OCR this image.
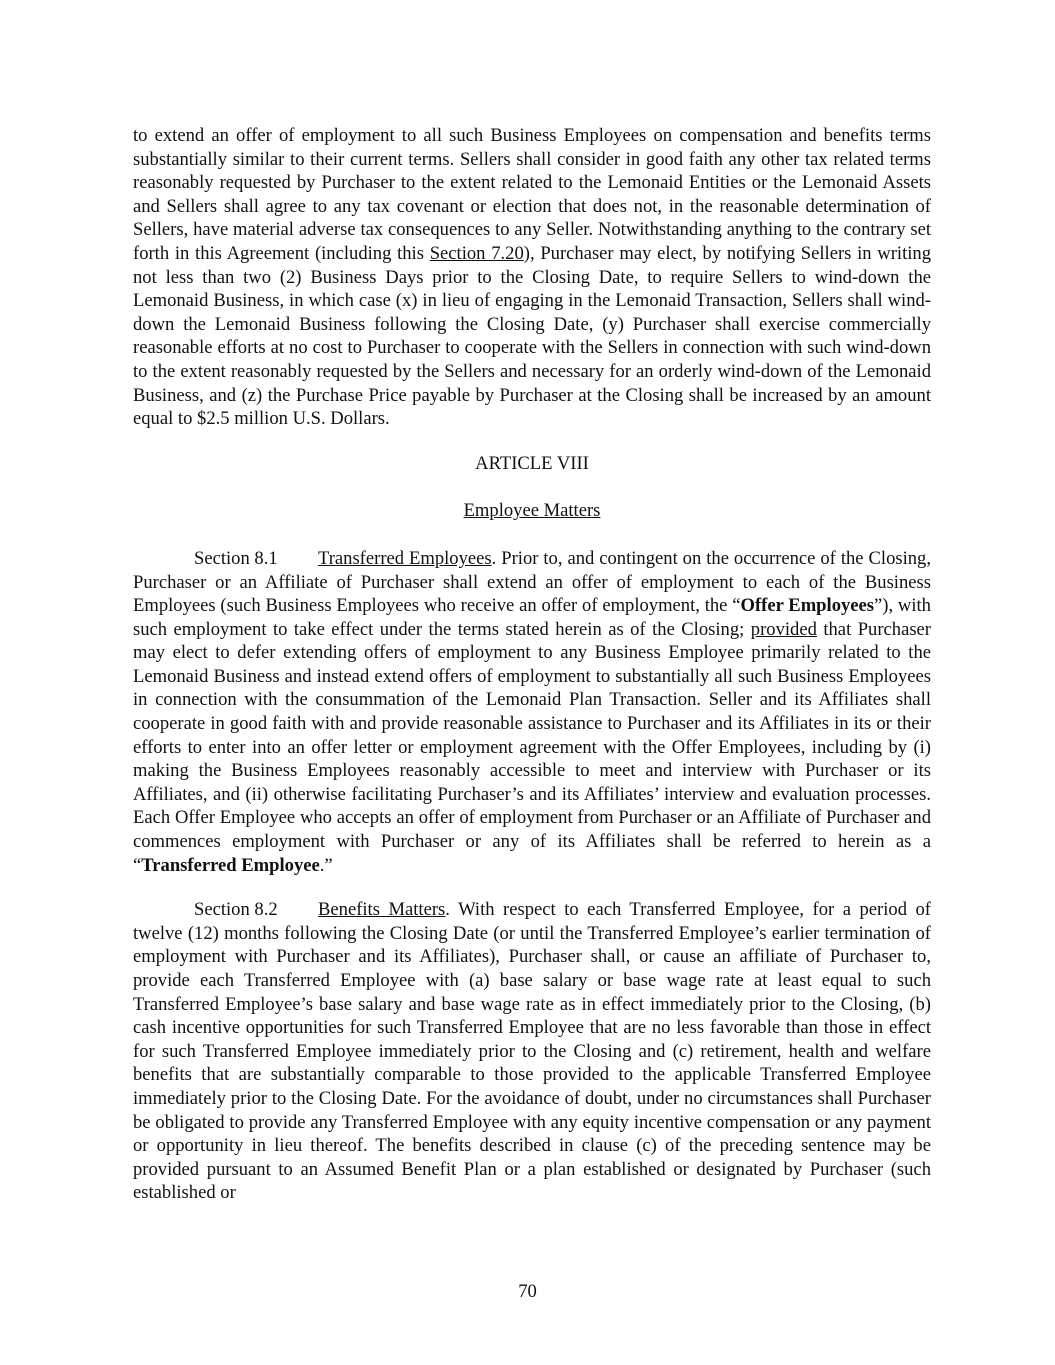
to extend an offer of employment to all such Business Employees on compensation and benefits terms substantially similar to their current terms. Sellers shall consider in good faith any other tax related terms reasonably requested by Purchaser to the extent related to the Lemonaid Entities or the Lemonaid Assets and Sellers shall agree to any tax covenant or election that does not, in the reasonable determination of Sellers, have material adverse tax consequences to any Seller. Notwithstanding anything to the contrary set forth in this Agreement (including this Section 7.20), Purchaser may elect, by notifying Sellers in writing not less than two (2) Business Days prior to the Closing Date, to require Sellers to wind-down the Lemonaid Business, in which case (x) in lieu of engaging in the Lemonaid Transaction, Sellers shall wind-down the Lemonaid Business following the Closing Date, (y) Purchaser shall exercise commercially reasonable efforts at no cost to Purchaser to cooperate with the Sellers in connection with such wind-down to the extent reasonably requested by the Sellers and necessary for an orderly wind-down of the Lemonaid Business, and (z) the Purchase Price payable by Purchaser at the Closing shall be increased by an amount equal to $2.5 million U.S. Dollars.

ARTICLE VIII

Employee Matters

Section 8.1 Transferred Employees. Prior to, and contingent on the occurrence of the Closing, Purchaser or an Affiliate of Purchaser shall extend an offer of employment to each of the Business Employees (such Business Employees who receive an offer of employment, the “Offer Employees”), with such employment to take effect under the terms stated herein as of the Closing; provided that Purchaser may elect to defer extending offers of employment to any Business Employee primarily related to the Lemonaid Business and instead extend offers of employment to substantially all such Business Employees in connection with the consummation of the Lemonaid Plan Transaction. Seller and its Affiliates shall cooperate in good faith with and provide reasonable assistance to Purchaser and its Affiliates in its or their efforts to enter into an offer letter or employment agreement with the Offer Employees, including by (i) making the Business Employees reasonably accessible to meet and interview with Purchaser or its Affiliates, and (ii) otherwise facilitating Purchaser’s and its Affiliates’ interview and evaluation processes. Each Offer Employee who accepts an offer of employment from Purchaser or an Affiliate of Purchaser and commences employment with Purchaser or any of its Affiliates shall be referred to herein as a “Transferred Employee.”

Section 8.2 Benefits Matters. With respect to each Transferred Employee, for a period of twelve (12) months following the Closing Date (or until the Transferred Employee’s earlier termination of employment with Purchaser and its Affiliates), Purchaser shall, or cause an affiliate of Purchaser to, provide each Transferred Employee with (a) base salary or base wage rate at least equal to such Transferred Employee’s base salary and base wage rate as in effect immediately prior to the Closing, (b) cash incentive opportunities for such Transferred Employee that are no less favorable than those in effect for such Transferred Employee immediately prior to the Closing and (c) retirement, health and welfare benefits that are substantially comparable to those provided to the applicable Transferred Employee immediately prior to the Closing Date. For the avoidance of doubt, under no circumstances shall Purchaser be obligated to provide any Transferred Employee with any equity incentive compensation or any payment or opportunity in lieu thereof. The benefits described in clause (c) of the preceding sentence may be provided pursuant to an Assumed Benefit Plan or a plan established or designated by Purchaser (such established or

70
